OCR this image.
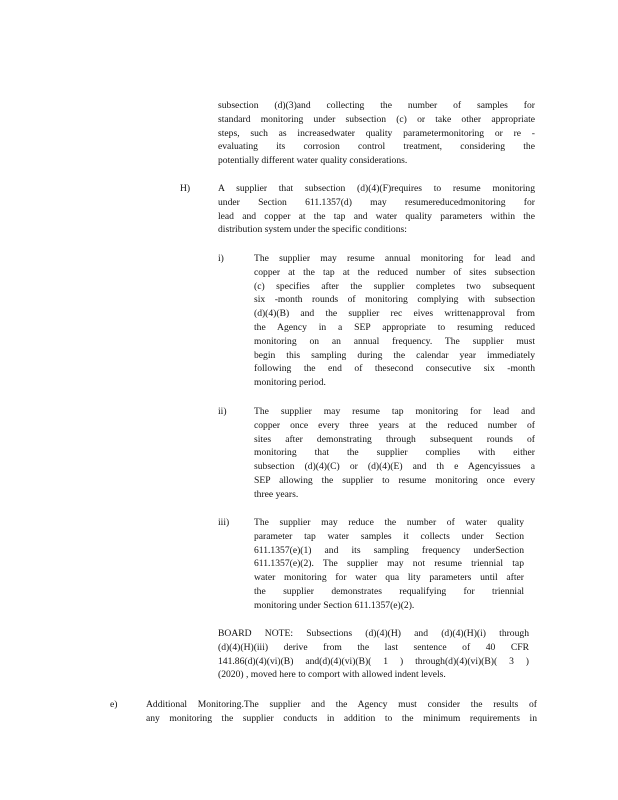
subsection (d)(3)and collecting the number of samples for
standard monitoring under subsection (c) or take other appropriate
steps, such as increasedwater quality parametermonitoring or re -
evaluating its corrosion control treatment, considering the
potentially different water quality considerations.
H)	A supplier that subsection (d)(4)(F)requires to resume monitoring
under Section 611.1357(d) may resumereducedmonitoring for
lead and copper at the tap and water quality parameters within the
distribution system under the specific conditions:
i)	The supplier may resume annual monitoring for lead and
copper at the tap at the reduced number of sites subsection
(c) specifies after the supplier completes two subsequent
six -month rounds of monitoring complying with subsection
(d)(4)(B) and the supplier rec eives writtenapproval from
the Agency in a SEP appropriate to resuming reduced
monitoring on an annual frequency. The supplier must
begin this sampling during the calendar year immediately
following the end of thesecond consecutive six -month
monitoring period.
ii)	The supplier may resume tap monitoring for lead and
copper once every three years at the reduced number of
sites after demonstrating through subsequent rounds of
monitoring that the supplier complies with either
subsection (d)(4)(C) or (d)(4)(E) and th e Agencyissues a
SEP allowing the supplier to resume monitoring once every
three years.
iii)	The supplier may reduce the number of water quality
parameter tap water samples it collects under Section
611.1357(e)(1) and its sampling frequency underSection
611.1357(e)(2). The supplier may not resume triennial tap
water monitoring for water qua lity parameters until after
the supplier demonstrates requalifying for triennial
monitoring under Section 611.1357(e)(2).
BOARD NOTE: Subsections (d)(4)(H) and (d)(4)(H)(i) through
(d)(4)(H)(iii) derive from the last sentence of 40 CFR
141.86(d)(4)(vi)(B) and(d)(4)(vi)(B)( 1 ) through(d)(4)(vi)(B)( 3 )
(2020) , moved here to comport with allowed indent levels.
e)	Additional Monitoring.The supplier and the Agency must consider the results of
any monitoring the supplier conducts in addition to the minimum requirements in
